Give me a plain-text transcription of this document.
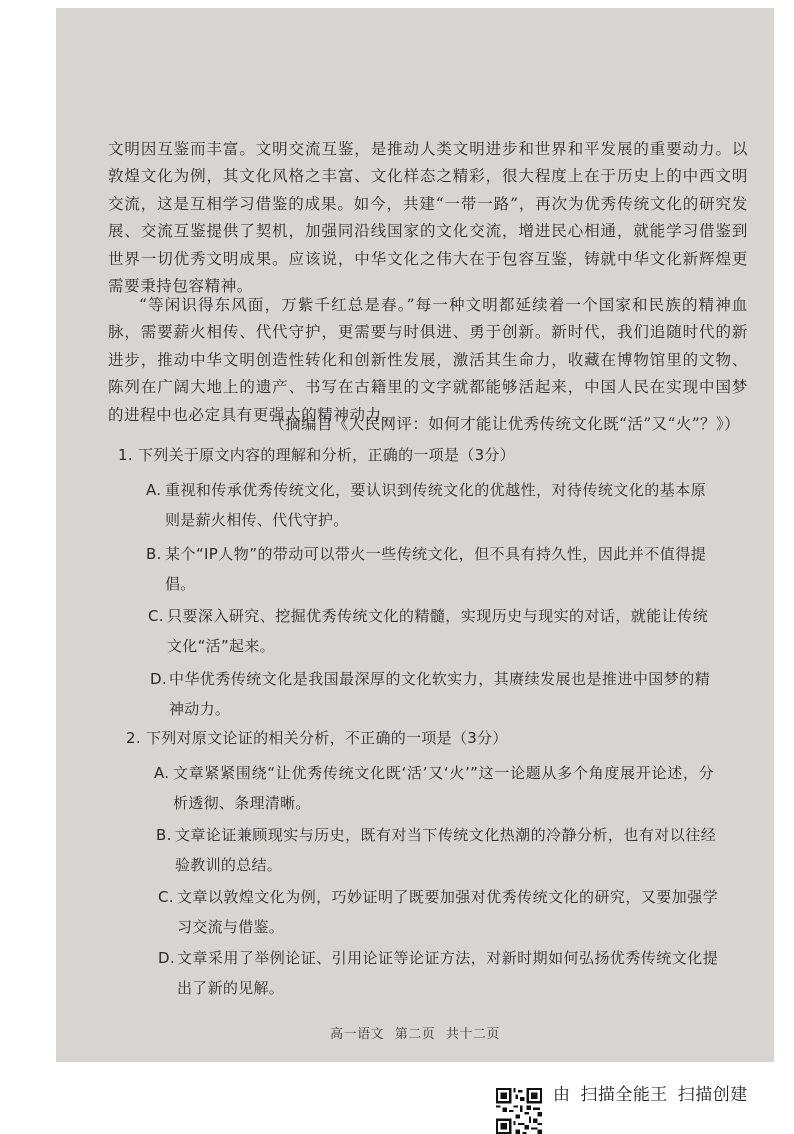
文明因互鉴而丰富。文明交流互鉴，是推动人类文明进步和世界和平发展的重要动力。以敦煌文化为例，其文化风格之丰富、文化样态之精彩，很大程度上在于历史上的中西文明交流，这是互相学习借鉴的成果。如今，共建“一带一路”，再次为优秀传统文化的研究发展、交流互鉴提供了契机，加强同沿线国家的文化交流，增进民心相通，就能学习借鉴到世界一切优秀文明成果。应该说，中华文化之伟大在于包容互鉴，铸就中华文化新辉煌更需要秉持包容精神。

“等闲识得东风面，万紫千红总是春。”每一种文明都延续着一个国家和民族的精神血脉，需要薪火相传、代代守护，更需要与时俱进、勇于创新。新时代，我们追随时代的新进步，推动中华文明创造性转化和创新性发展，激活其生命力，收藏在博物馆里的文物、陈列在广阔大地上的遗产、书写在古籍里的文字就都能够活起来，中国人民在实现中国梦的进程中也必定具有更强大的精神动力。

（摘编自《人民网评：如何才能让优秀传统文化既“活”又“火”？》）
1. 下列关于原文内容的理解和分析，正确的一项是（3分）
A. 重视和传承优秀传统文化，要认识到传统文化的优越性，对待传统文化的基本原则是薪火相传、代代守护。
B. 某个“IP人物”的带动可以带火一些传统文化，但不具有持久性，因此并不值得提倡。
C. 只要深入研究、挖掘优秀传统文化的精髓，实现历史与现实的对话，就能让传统文化“活”起来。
D. 中华优秀传统文化是我国最深厚的文化软实力，其赓续发展也是推进中国梦的精神动力。
2. 下列对原文论证的相关分析，不正确的一项是（3分）
A. 文章紧紧围绕“让优秀传统文化既‘活’又‘火’”这一论题从多个角度展开论述，分析透彻、条理清晰。
B. 文章论证兼顾现实与历史，既有对当下传统文化热潮的冷静分析，也有对以往经验教训的总结。
C. 文章以敦煌文化为例，巧妙证明了既要加强对优秀传统文化的研究，又要加强学习交流与借鉴。
D. 文章采用了举例论证、引用论证等论证方法，对新时期如何弘扬优秀传统文化提出了新的见解。
高一语文 第二页 共十二页
由 扫描全能王 扫描创建
